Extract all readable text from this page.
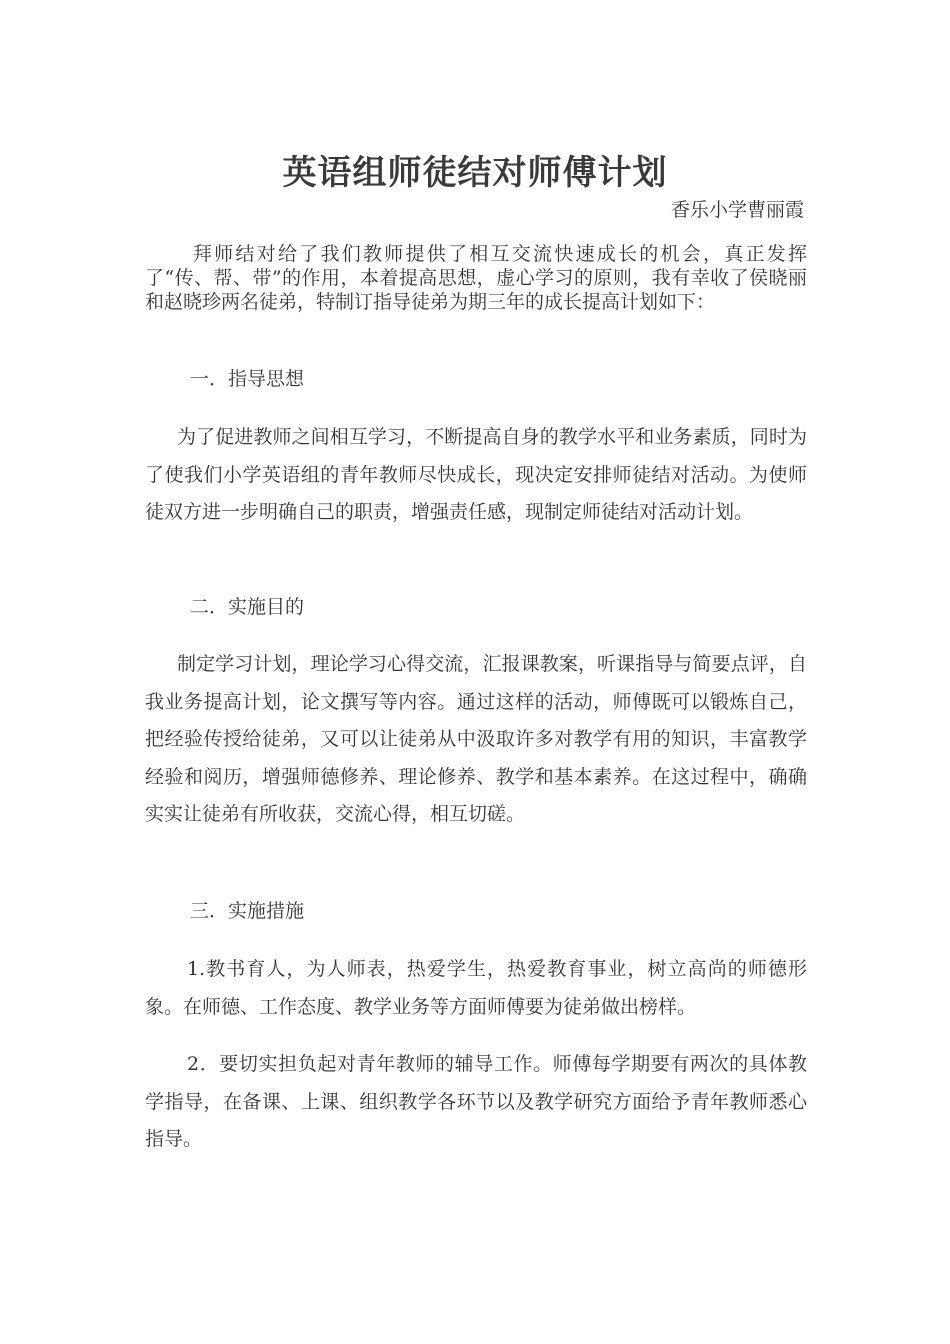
英语组师徒结对师傅计划
香乐小学曹丽霞

拜师结对给了我们教师提供了相互交流快速成长的机会，真正发挥了“传、帮、带”的作用，本着提高思想，虚心学习的原则，我有幸收了侯晓丽和赵晓珍两名徒弟，特制订指导徒弟为期三年的成长提高计划如下：

一．指导思想

为了促进教师之间相互学习，不断提高自身的教学水平和业务素质，同时为了使我们小学英语组的青年教师尽快成长，现决定安排师徒结对活动。为使师徒双方进一步明确自己的职责，增强责任感，现制定师徒结对活动计划。

二．实施目的

制定学习计划，理论学习心得交流，汇报课教案，听课指导与简要点评，自我业务提高计划，论文撰写等内容。通过这样的活动，师傅既可以锻炼自己，把经验传授给徒弟，又可以让徒弟从中汲取许多对教学有用的知识，丰富教学经验和阅历，增强师德修养、理论修养、教学和基本素养。在这过程中，确确实实让徒弟有所收获，交流心得，相互切磋。

三．实施措施

1.教书育人，为人师表，热爱学生，热爱教育事业，树立高尚的师德形象。在师德、工作态度、教学业务等方面师傅要为徒弟做出榜样。

2．要切实担负起对青年教师的辅导工作。师傅每学期要有两次的具体教学指导，在备课、上课、组织教学各环节以及教学研究方面给予青年教师悉心指导。
